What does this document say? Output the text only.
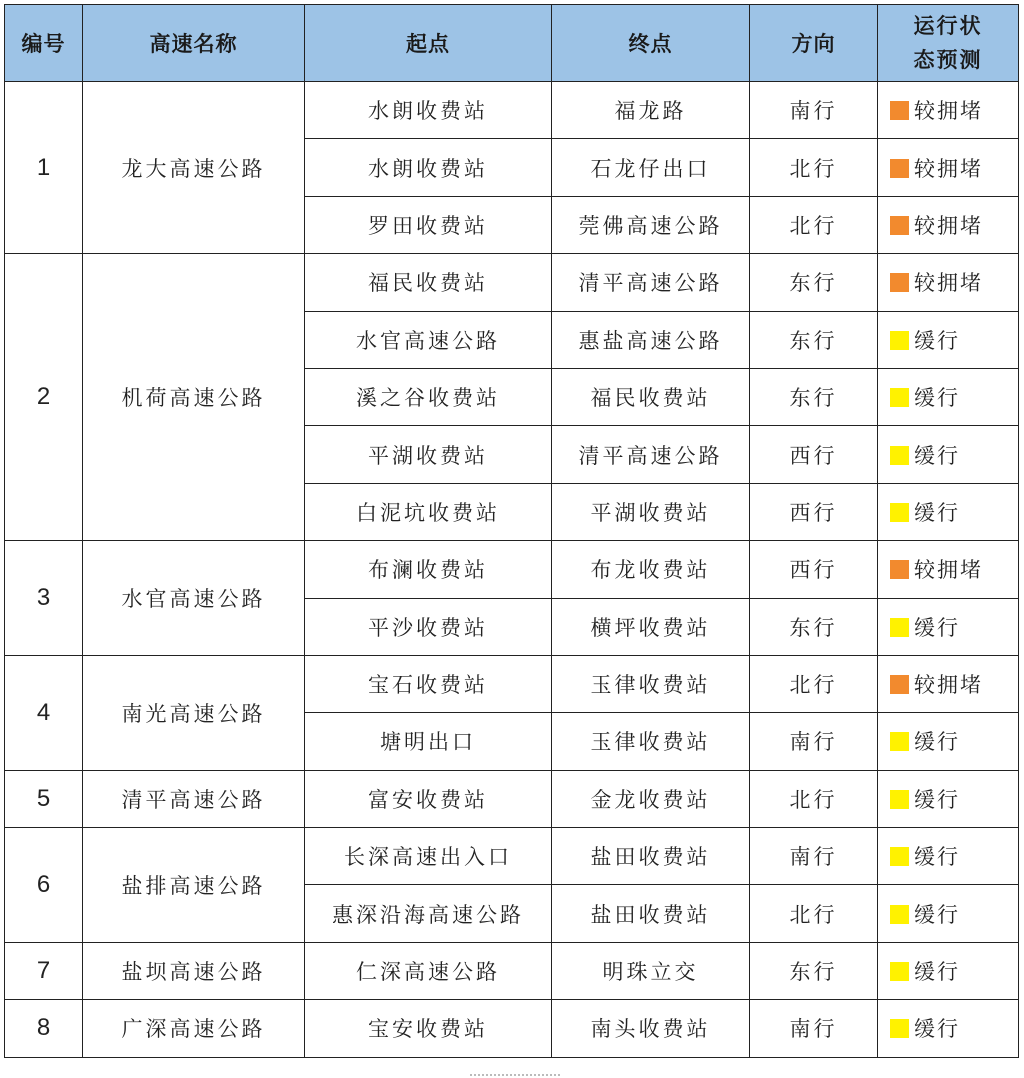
编号	高速名称	起点	终点	方向	运行状
态预测
1	龙大高速公路	水朗收费站	福龙路	南行	较拥堵
		水朗收费站	石龙仔出口	北行	较拥堵
		罗田收费站	莞佛高速公路	北行	较拥堵
2	机荷高速公路	福民收费站	清平高速公路	东行	较拥堵
		水官高速公路	惠盐高速公路	东行	缓行
		溪之谷收费站	福民收费站	东行	缓行
		平湖收费站	清平高速公路	西行	缓行
		白泥坑收费站	平湖收费站	西行	缓行
3	水官高速公路	布澜收费站	布龙收费站	西行	较拥堵
		平沙收费站	横坪收费站	东行	缓行
4	南光高速公路	宝石收费站	玉律收费站	北行	较拥堵
		塘明出口	玉律收费站	南行	缓行
5	清平高速公路	富安收费站	金龙收费站	北行	缓行
6	盐排高速公路	长深高速出入口	盐田收费站	南行	缓行
		惠深沿海高速公路	盐田收费站	北行	缓行
7	盐坝高速公路	仁深高速公路	明珠立交	东行	缓行
8	广深高速公路	宝安收费站	南头收费站	南行	缓行
